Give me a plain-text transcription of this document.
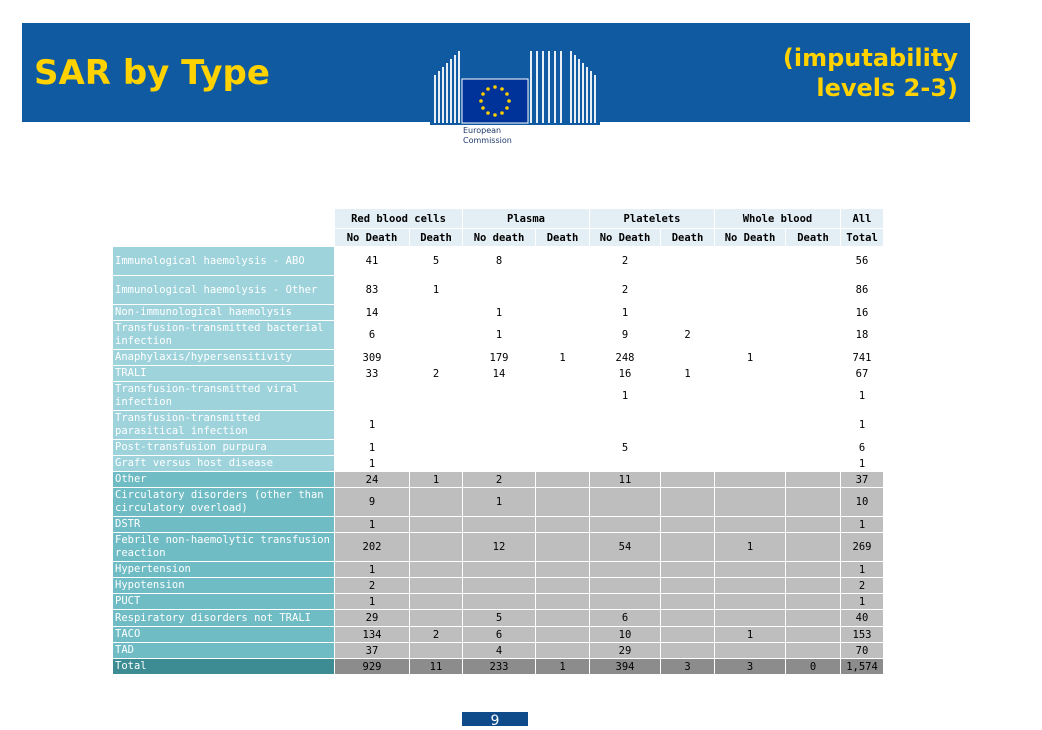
SAR by Type	(imputability
levels 2-3)
European
Commission
	Red blood cells		Plasma		Platelets		Whole blood		All
	No Death	Death	No death	Death	No Death	Death	No Death	Death	Total
Immunological haemolysis - ABO	41	5	8		2				56
Immunological haemolysis - Other	83	1			2				86
Non-immunological haemolysis	14		1		1				16
Transfusion-transmitted bacterial infection	6		1		9	2			18
Anaphylaxis/hypersensitivity	309		179	1	248		1		741
TRALI	33	2	14		16	1			67
Transfusion-transmitted viral infection					1				1
Transfusion-transmitted parasitical infection	1								1
Post-transfusion purpura	1				5				6
Graft versus host disease	1								1
Other	24	1	2		11				37
Circulatory disorders (other than circulatory overload)	9		1						10
DSTR	1								1
Febrile non-haemolytic transfusion reaction	202		12		54		1		269
Hypertension	1								1
Hypotension	2								2
PUCT	1								1
Respiratory disorders not TRALI	29		5		6				40
TACO	134	2	6		10		1		153
TAD	37		4		29				70
Total	929	11	233	1	394	3	3	0	1,574
9
